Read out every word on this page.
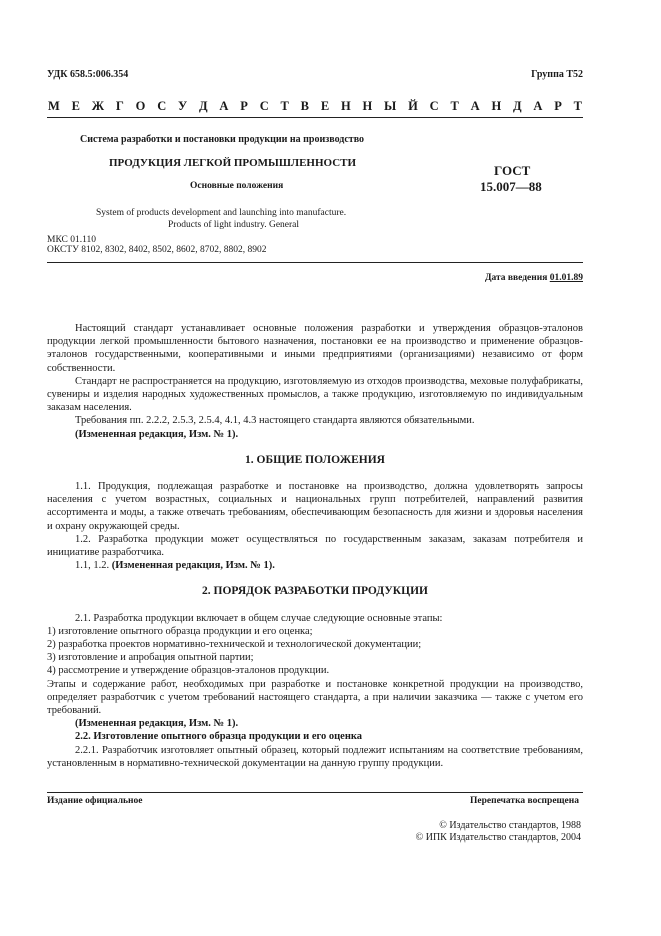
УДК 658.5:006.354	Группа Т52
М Е Ж Г О С У Д А Р С Т В Е Н Н Ы Й С Т А Н Д А Р Т
Система разработки и постановки продукции на производство
ПРОДУКЦИЯ ЛЕГКОЙ ПРОМЫШЛЕННОСТИ
Основные положения
ГОСТ
15.007—88
System of products development and launching into manufacture.
Products of light industry. General
МКС 01.110
ОКСТУ 8102, 8302, 8402, 8502, 8602, 8702, 8802, 8902
Дата введения 01.01.89

Настоящий стандарт устанавливает основные положения разработки и утверждения образцов-эталонов продукции легкой промышленности бытового назначения, постановки ее на производство и применение образцов-эталонов государственными, кооперативными и иными предприятиями (организациями) независимо от форм собственности.

Стандарт не распространяется на продукцию, изготовляемую из отходов производства, меховые полуфабрикаты, сувениры и изделия народных художественных промыслов, а также продукцию, изготовляемую по индивидуальным заказам населения.

Требования пп. 2.2.2, 2.5.3, 2.5.4, 4.1, 4.3 настоящего стандарта являются обязательными.

(Измененная редакция, Изм. № 1).

1. ОБЩИЕ ПОЛОЖЕНИЯ

1.1. Продукция, подлежащая разработке и постановке на производство, должна удовлетворять запросы населения с учетом возрастных, социальных и национальных групп потребителей, направлений развития ассортимента и моды, а также отвечать требованиям, обеспечивающим безопасность для жизни и здоровья населения и охрану окружающей среды.

1.2. Разработка продукции может осуществляться по государственным заказам, заказам потребителя и инициативе разработчика.

1.1, 1.2. (Измененная редакция, Изм. № 1).

2. ПОРЯДОК РАЗРАБОТКИ ПРОДУКЦИИ

2.1. Разработка продукции включает в общем случае следующие основные этапы:

1) изготовление опытного образца продукции и его оценка;

2) разработка проектов нормативно-технической и технологической документации;

3) изготовление и апробация опытной партии;

4) рассмотрение и утверждение образцов-эталонов продукции.

Этапы и содержание работ, необходимых при разработке и постановке конкретной продукции на производство, определяет разработчик с учетом требований настоящего стандарта, а при наличии заказчика — также с учетом его требований.

(Измененная редакция, Изм. № 1).

2.2. Изготовление опытного образца продукции и его оценка

2.2.1. Разработчик изготовляет опытный образец, который подлежит испытаниям на соответствие требованиям, установленным в нормативно-технической документации на данную группу продукции.

Издание официальное	Перепечатка воспрещена
© Издательство стандартов, 1988
© ИПК Издательство стандартов, 2004
